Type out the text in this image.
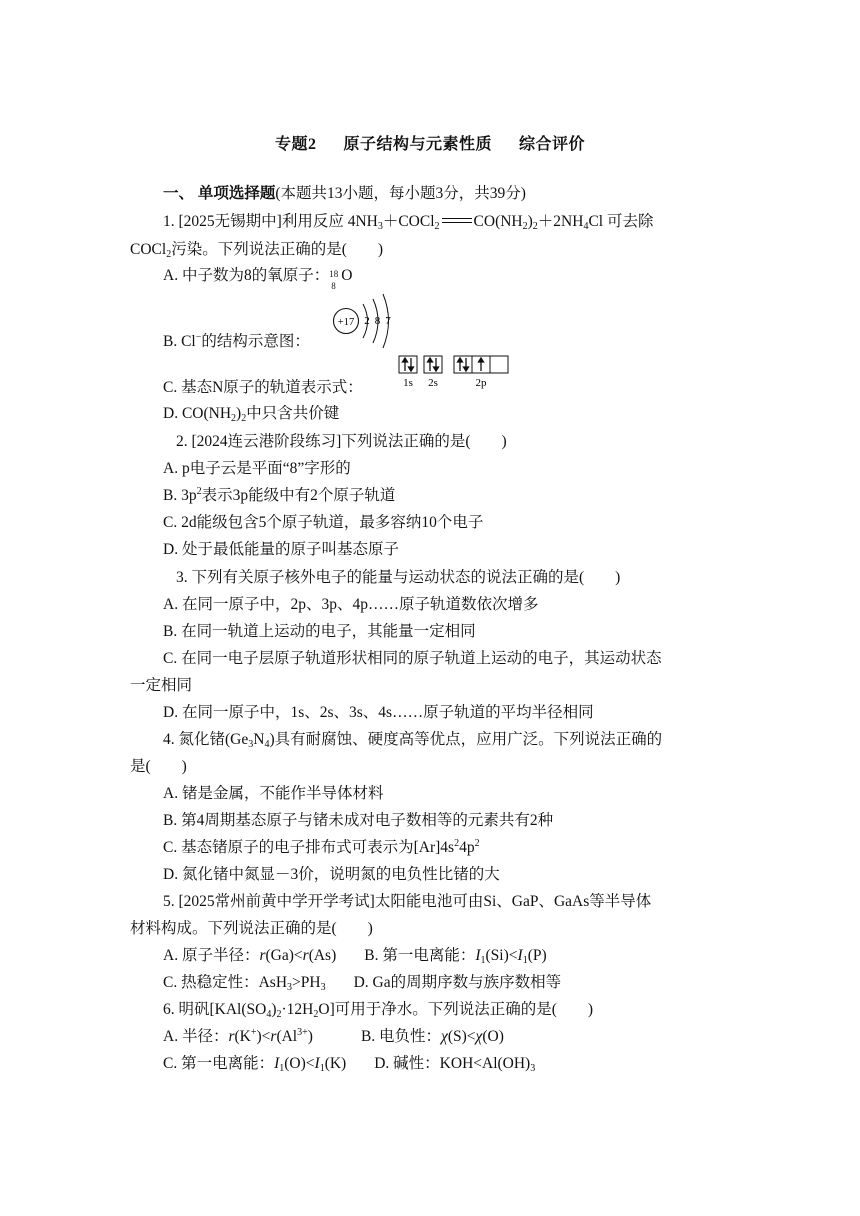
专题2 原子结构与元素性质 综合评价
一、 单项选择题(本题共13小题，每小题3分，共39分)
1. [2025无锡期中]利用反应 $4NH_3+COCl_2$ $CO(NH_2)_2+2NH_4Cl$ 可去除
COCl$_2$污染。下列说法正确的是(　　)
A. 中子数为8的氧原子： 18
8
O
+17 2 8 7
B. Cl−的结构示意图：
1s 2s	2p
C. 基态N原子的轨道表示式：
D. $CO(NH_2)_2$中只含共价键
2. [2024连云港阶段练习]下列说法正确的是(　　)
A. p电子云是平面“8”字形的
B. $3p^2$表示3p能级中有2个原子轨道
C. 2d能级包含5个原子轨道，最多容纳10个电子
D. 处于最低能量的原子叫基态原子
3. 下列有关原子核外电子的能量与运动状态的说法正确的是(　　)
A. 在同一原子中，2p、3p、4p……原子轨道数依次增多
B. 在同一轨道上运动的电子，其能量一定相同
C. 在同一电子层原子轨道形状相同的原子轨道上运动的电子，其运动状态
一定相同
D. 在同一原子中，1s、2s、3s、4s……原子轨道的平均半径相同
4. 氮化锗$(Ge_3N_4)$具有耐腐蚀、硬度高等优点，应用广泛。下列说法正确的
是(　　)
A. 锗是金属，不能作半导体材料
B. 第4周期基态原子与锗未成对电子数相等的元素共有2种
C. 基态锗原子的电子排布式可表示为$[Ar]4s^24p^2$
D. 氮化锗中氮显－3价，说明氮的电负性比锗的大
5. [2025常州前黄中学开学考试]太阳能电池可由Si、GaP、GaAs等半导体
材料构成。下列说法正确的是(　　)
A. 原子半径：r(Ga)<r(As) B. 第一电离能：$I_1(Si)<I_1(P)$
C. 热稳定性：$AsH_3>PH_3$ D. Ga的周期序数与族序数相等
6. 明矾$[KAl(SO_4)_2\cdot 12H_2O]$可用于净水。下列说法正确的是(　　)
A. 半径：$r(K^+)<r(Al^{3+})$	B. 电负性：χ(S)<χ(O)
C. 第一电离能：$I_1(O)<I_1(K)$ D. 碱性：$KOH<Al(OH)_3$
